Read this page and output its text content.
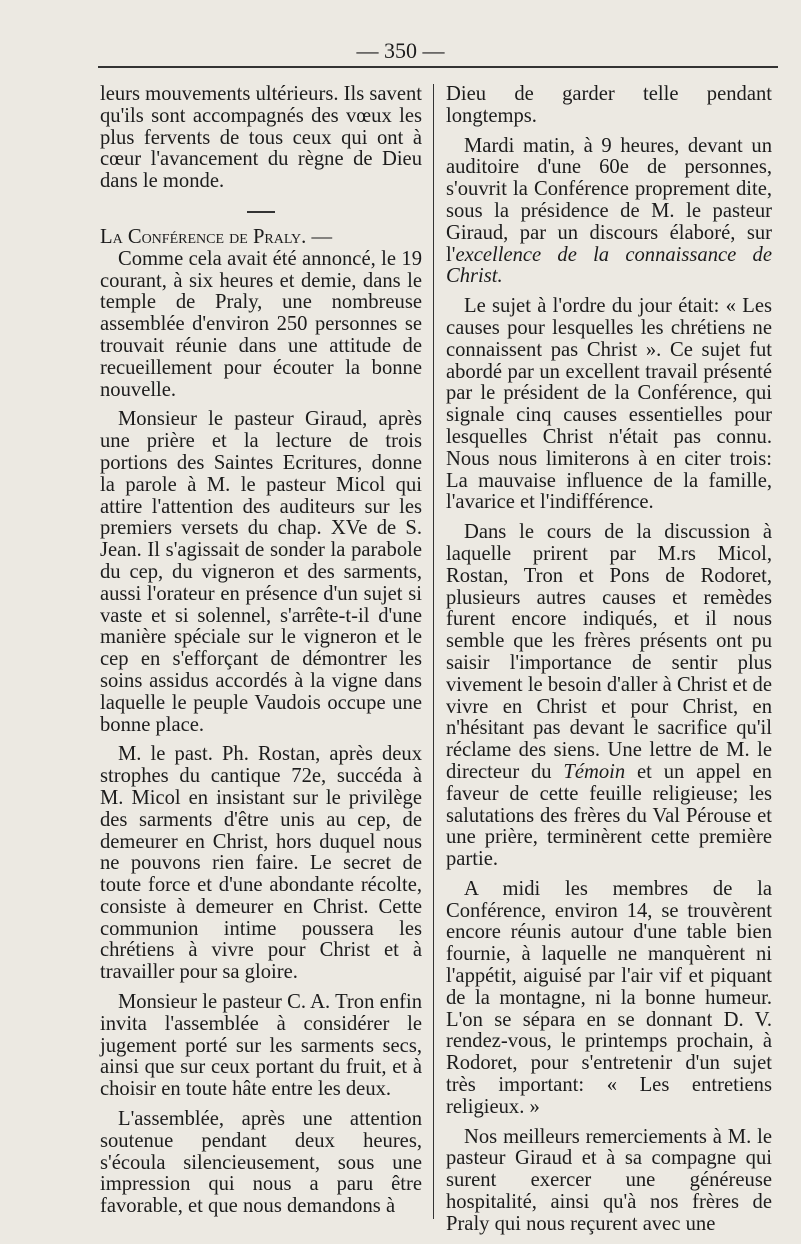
— 350 —

leurs mouvements ultérieurs. Ils savent qu'ils sont accompagnés des vœux les plus fervents de tous ceux qui ont à cœur l'avancement du règne de Dieu dans le monde.

La Conférence de Praly. —

Comme cela avait été annoncé, le 19 courant, à six heures et demie, dans le temple de Praly, une nombreuse assemblée d'environ 250 personnes se trouvait réunie dans une attitude de recueillement pour écouter la bonne nouvelle.

Monsieur le pasteur Giraud, après une prière et la lecture de trois portions des Saintes Ecritures, donne la parole à M. le pasteur Micol qui attire l'attention des auditeurs sur les premiers versets du chap. XVe de S. Jean. Il s'agissait de sonder la parabole du cep, du vigneron et des sarments, aussi l'orateur en présence d'un sujet si vaste et si solennel, s'arrête-t-il d'une manière spéciale sur le vigneron et le cep en s'efforçant de démontrer les soins assidus accordés à la vigne dans laquelle le peuple Vaudois occupe une bonne place.

M. le past. Ph. Rostan, après deux strophes du cantique 72e, succéda à M. Micol en insistant sur le privilège des sarments d'être unis au cep, de demeurer en Christ, hors duquel nous ne pouvons rien faire. Le secret de toute force et d'une abondante récolte, consiste à demeurer en Christ. Cette communion intime poussera les chrétiens à vivre pour Christ et à travailler pour sa gloire.

Monsieur le pasteur C. A. Tron enfin invita l'assemblée à considérer le jugement porté sur les sarments secs, ainsi que sur ceux portant du fruit, et à choisir en toute hâte entre les deux.

L'assemblée, après une attention soutenue pendant deux heures, s'écoula silencieusement, sous une impression qui nous a paru être favorable, et que nous demandons à

Dieu de garder telle pendant longtemps.

Mardi matin, à 9 heures, devant un auditoire d'une 60e de personnes, s'ouvrit la Conférence proprement dite, sous la présidence de M. le pasteur Giraud, par un discours élaboré, sur l'excellence de la connaissance de Christ.

Le sujet à l'ordre du jour était: « Les causes pour lesquelles les chrétiens ne connaissent pas Christ ». Ce sujet fut abordé par un excellent travail présenté par le président de la Conférence, qui signale cinq causes essentielles pour lesquelles Christ n'était pas connu. Nous nous limiterons à en citer trois: La mauvaise influence de la famille, l'avarice et l'indifférence.

Dans le cours de la discussion à laquelle prirent par M.rs Micol, Rostan, Tron et Pons de Rodoret, plusieurs autres causes et remèdes furent encore indiqués, et il nous semble que les frères présents ont pu saisir l'importance de sentir plus vivement le besoin d'aller à Christ et de vivre en Christ et pour Christ, en n'hésitant pas devant le sacrifice qu'il réclame des siens. Une lettre de M. le directeur du Témoin et un appel en faveur de cette feuille religieuse; les salutations des frères du Val Pérouse et une prière, terminèrent cette première partie.

A midi les membres de la Conférence, environ 14, se trouvèrent encore réunis autour d'une table bien fournie, à laquelle ne manquèrent ni l'appétit, aiguisé par l'air vif et piquant de la montagne, ni la bonne humeur. L'on se sépara en se donnant D. V. rendez-vous, le printemps prochain, à Rodoret, pour s'entretenir d'un sujet très important: « Les entretiens religieux. »

Nos meilleurs remerciements à M. le pasteur Giraud et à sa compagne qui surent exercer une généreuse hospitalité, ainsi qu'à nos frères de Praly qui nous reçurent avec une
